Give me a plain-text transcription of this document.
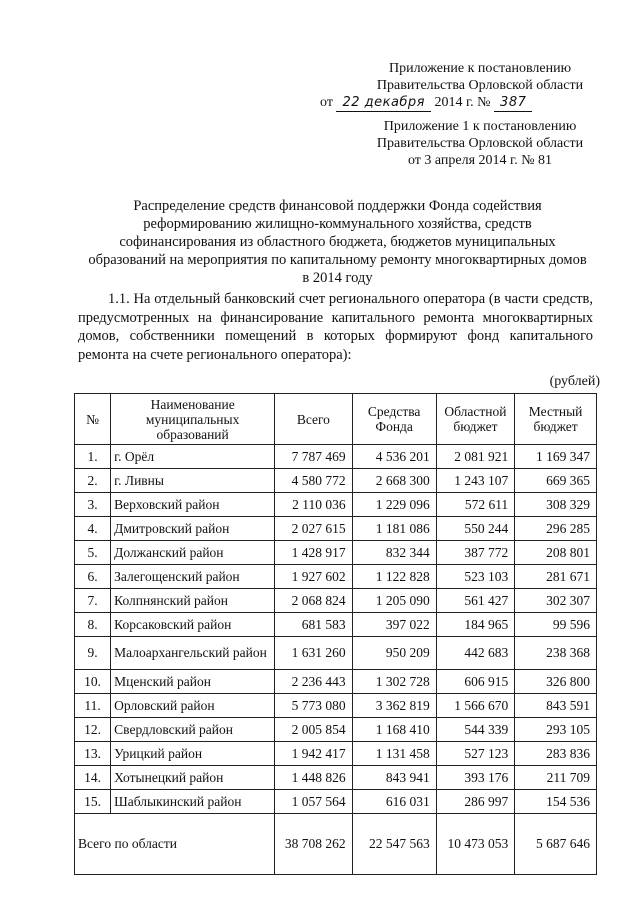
Приложение к постановлению
Правительства Орловской области
от 22 декабря 2014 г. № 387
Приложение 1 к постановлению
Правительства Орловской области
от 3 апреля 2014 г. № 81
Распределение средств финансовой поддержки Фонда содействия реформированию жилищно-коммунального хозяйства, средств софинансирования из областного бюджета, бюджетов муниципальных образований на мероприятия по капитальному ремонту многоквартирных домов в 2014 году
1.1. На отдельный банковский счет регионального оператора (в части средств, предусмотренных на финансирование капитального ремонта многоквартирных домов, собственники помещений в которых формируют фонд капитального ремонта на счете регионального оператора):
(рублей)
№	Наименование муниципальных образований	Всего	Средства Фонда	Областной бюджет	Местный бюджет
1.	г. Орёл	7 787 469	4 536 201	2 081 921	1 169 347
2.	г. Ливны	4 580 772	2 668 300	1 243 107	669 365
3.	Верховский район	2 110 036	1 229 096	572 611	308 329
4.	Дмитровский район	2 027 615	1 181 086	550 244	296 285
5.	Должанский район	1 428 917	832 344	387 772	208 801
6.	Залегощенский район	1 927 602	1 122 828	523 103	281 671
7.	Колпнянский район	2 068 824	1 205 090	561 427	302 307
8.	Корсаковский район	681 583	397 022	184 965	99 596
9.	Малоархангельский район	1 631 260	950 209	442 683	238 368
10.	Мценский район	2 236 443	1 302 728	606 915	326 800
11.	Орловский район	5 773 080	3 362 819	1 566 670	843 591
12.	Свердловский район	2 005 854	1 168 410	544 339	293 105
13.	Урицкий район	1 942 417	1 131 458	527 123	283 836
14.	Хотынецкий район	1 448 826	843 941	393 176	211 709
15.	Шаблыкинский район	1 057 564	616 031	286 997	154 536
Всего по области		38 708 262	22 547 563	10 473 053	5 687 646
